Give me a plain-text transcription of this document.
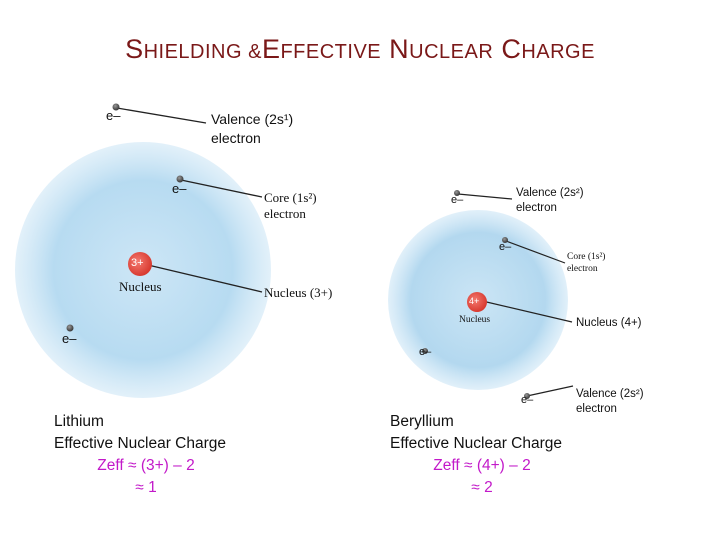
SHIELDING &EFFECTIVE NUCLEAR CHARGE
e–
e–
e–
3+
Nucleus
Valence (2s¹)
electron
Core (1s²)
electron
Nucleus (3+)
e–
e–
e–
e–
4+
Nucleus
Valence (2s²)
electron
Core (1s²)
electron
Nucleus (4+)
Valence (2s²)
electron
Lithium
Effective Nuclear Charge
Zeff ≈ (3+) – 2
≈ 1
Beryllium
Effective Nuclear Charge
Zeff ≈ (4+) – 2
≈ 2
